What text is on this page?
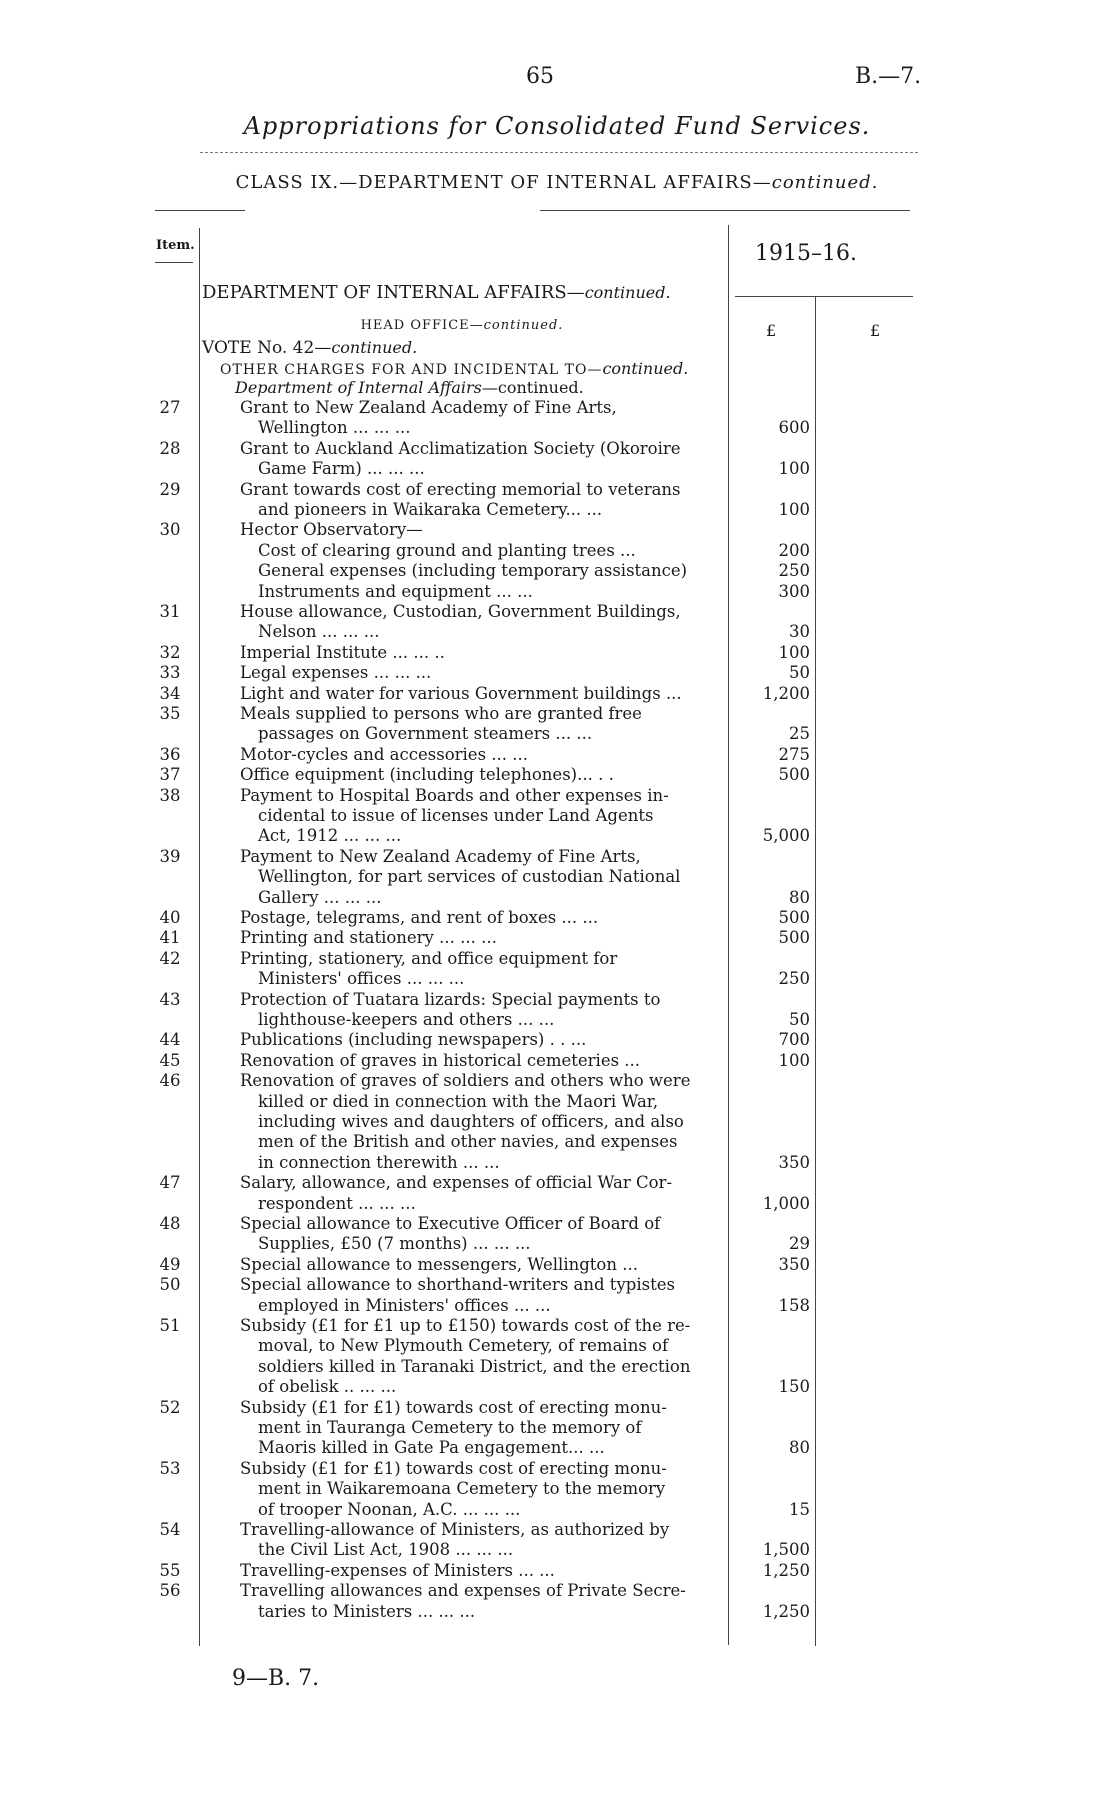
65	B.—7.
Appropriations for Consolidated Fund Services.
CLASS IX.—DEPARTMENT OF INTERNAL AFFAIRS—continued.
Item.	1915–16.
DEPARTMENT OF INTERNAL AFFAIRS—continued.
HEAD OFFICE—continued.	£	£
VOTE No. 42—continued.
OTHER CHARGES FOR AND INCIDENTAL TO—continued.
Department of Internal Affairs—continued.
27	Grant to New Zealand Academy of Fine Arts,
Wellington ... ... ...	600
28	Grant to Auckland Acclimatization Society (Okoroire
Game Farm) ... ... ...	100
29	Grant towards cost of erecting memorial to veterans
and pioneers in Waikaraka Cemetery... ...	100
30	Hector Observatory—
Cost of clearing ground and planting trees ...	200
General expenses (including temporary assistance)	250
Instruments and equipment ... ...	300
31	House allowance, Custodian, Government Buildings,
Nelson ... ... ...	30
32	Imperial Institute ... ... ..	100
33	Legal expenses ... ... ...	50
34	Light and water for various Government buildings ...	1,200
35	Meals supplied to persons who are granted free
passages on Government steamers ... ...	25
36	Motor-cycles and accessories ... ...	275
37	Office equipment (including telephones)... . .	500
38	Payment to Hospital Boards and other expenses in-
cidental to issue of licenses under Land Agents
Act, 1912 ... ... ...	5,000
39	Payment to New Zealand Academy of Fine Arts,
Wellington, for part services of custodian National
Gallery ... ... ...	80
40	Postage, telegrams, and rent of boxes ... ...	500
41	Printing and stationery ... ... ...	500
42	Printing, stationery, and office equipment for
Ministers' offices ... ... ...	250
43	Protection of Tuatara lizards: Special payments to
lighthouse-keepers and others ... ...	50
44	Publications (including newspapers) . . ...	700
45	Renovation of graves in historical cemeteries ...	100
46	Renovation of graves of soldiers and others who were
killed or died in connection with the Maori War,
including wives and daughters of officers, and also
men of the British and other navies, and expenses
in connection therewith ... ...	350
47	Salary, allowance, and expenses of official War Cor-
respondent ... ... ...	1,000
48	Special allowance to Executive Officer of Board of
Supplies, £50 (7 months) ... ... ...	29
49	Special allowance to messengers, Wellington ...	350
50	Special allowance to shorthand-writers and typistes
employed in Ministers' offices ... ...	158
51	Subsidy (£1 for £1 up to £150) towards cost of the re-
moval, to New Plymouth Cemetery, of remains of
soldiers killed in Taranaki District, and the erection
of obelisk .. ... ...	150
52	Subsidy (£1 for £1) towards cost of erecting monu-
ment in Tauranga Cemetery to the memory of
Maoris killed in Gate Pa engagement... ...	80
53	Subsidy (£1 for £1) towards cost of erecting monu-
ment in Waikaremoana Cemetery to the memory
of trooper Noonan, A.C. ... ... ...	15
54	Travelling-allowance of Ministers, as authorized by
the Civil List Act, 1908 ... ... ...	1,500
55	Travelling-expenses of Ministers ... ...	1,250
56	Travelling allowances and expenses of Private Secre-
taries to Ministers ... ... ...	1,250
9—B. 7.
